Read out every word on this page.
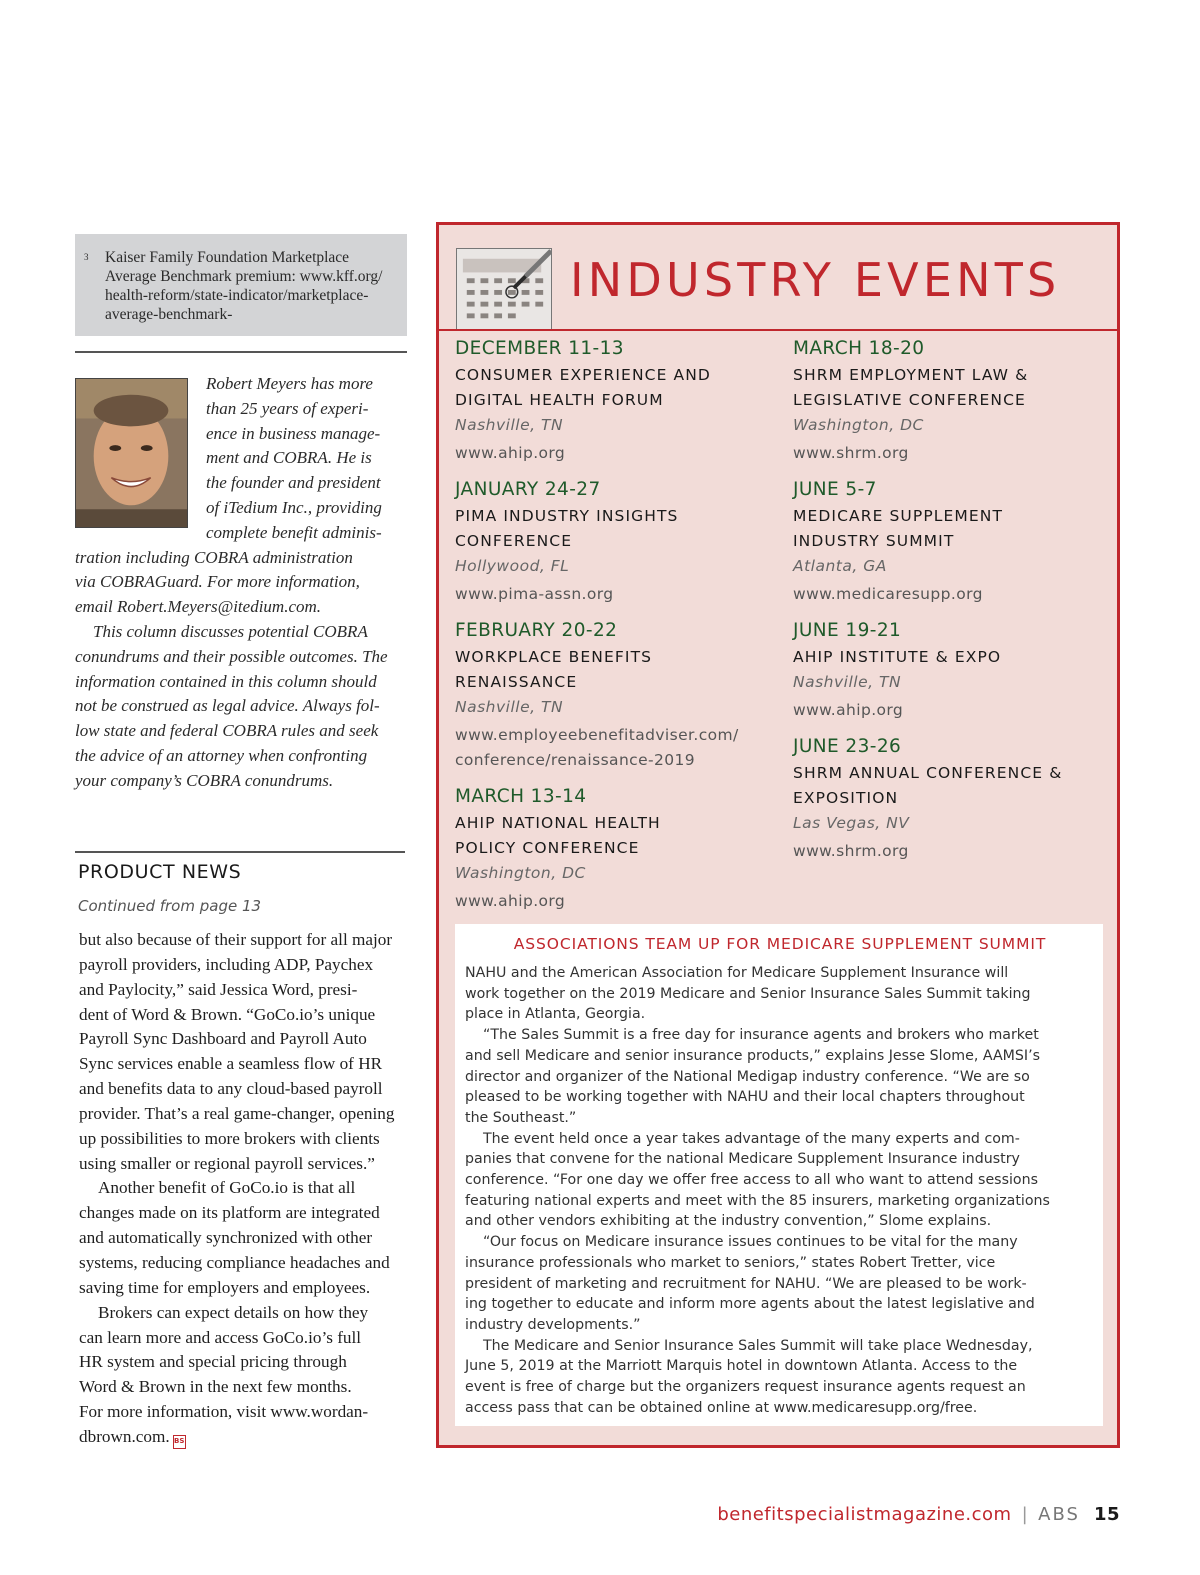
3 Kaiser Family Foundation Marketplace
Average Benchmark premium: www.kff.org/
health-reform/state-indicator/marketplace-
average-benchmark-
Robert Meyers has more
than 25 years of experi-
ence in business manage-
ment and COBRA. He is
the founder and president
of iTedium Inc., providing
complete benefit adminis-
tration including COBRA administration
via COBRAGuard. For more information,
email Robert.Meyers@itedium.com.
This column discusses potential COBRA
conundrums and their possible outcomes. The
information contained in this column should
not be construed as legal advice. Always fol-
low state and federal COBRA rules and seek
the advice of an attorney when confronting
your company’s COBRA conundrums.
PRODUCT NEWS
Continued from page 13
but also because of their support for all major
payroll providers, including ADP, Paychex
and Paylocity,” said Jessica Word, presi-
dent of Word & Brown. “GoCo.io’s unique
Payroll Sync Dashboard and Payroll Auto
Sync services enable a seamless flow of HR
and benefits data to any cloud-based payroll
provider. That’s a real game-changer, opening
up possibilities to more brokers with clients
using smaller or regional payroll services.”
Another benefit of GoCo.io is that all
changes made on its platform are integrated
and automatically synchronized with other
systems, reducing compliance headaches and
saving time for employers and employees.
Brokers can expect details on how they
can learn more and access GoCo.io’s full
HR system and special pricing through
Word & Brown in the next few months.
For more information, visit www.wordan-
dbrown.com. BS
INDUSTRY EVENTS
DECEMBER 11-13
CONSUMER EXPERIENCE AND
DIGITAL HEALTH FORUM
Nashville, TN
www.ahip.org
JANUARY 24-27
PIMA INDUSTRY INSIGHTS
CONFERENCE
Hollywood, FL
www.pima-assn.org
FEBRUARY 20-22
WORKPLACE BENEFITS
RENAISSANCE
Nashville, TN
www.employeebenefitadviser.com/
conference/renaissance-2019
MARCH 13-14
AHIP NATIONAL HEALTH
POLICY CONFERENCE
Washington, DC
www.ahip.org
MARCH 18-20
SHRM EMPLOYMENT LAW &
LEGISLATIVE CONFERENCE
Washington, DC
www.shrm.org
JUNE 5-7
MEDICARE SUPPLEMENT
INDUSTRY SUMMIT
Atlanta, GA
www.medicaresupp.org
JUNE 19-21
AHIP INSTITUTE & EXPO
Nashville, TN
www.ahip.org
JUNE 23-26
SHRM ANNUAL CONFERENCE &
EXPOSITION
Las Vegas, NV
www.shrm.org
ASSOCIATIONS TEAM UP FOR MEDICARE SUPPLEMENT SUMMIT
NAHU and the American Association for Medicare Supplement Insurance will
work together on the 2019 Medicare and Senior Insurance Sales Summit taking
place in Atlanta, Georgia.
“The Sales Summit is a free day for insurance agents and brokers who market
and sell Medicare and senior insurance products,” explains Jesse Slome, AAMSI’s
director and organizer of the National Medigap industry conference. “We are so
pleased to be working together with NAHU and their local chapters throughout
the Southeast.”
The event held once a year takes advantage of the many experts and com-
panies that convene for the national Medicare Supplement Insurance industry
conference. “For one day we offer free access to all who want to attend sessions
featuring national experts and meet with the 85 insurers, marketing organizations
and other vendors exhibiting at the industry convention,” Slome explains.
“Our focus on Medicare insurance issues continues to be vital for the many
insurance professionals who market to seniors,” states Robert Tretter, vice
president of marketing and recruitment for NAHU. “We are pleased to be work-
ing together to educate and inform more agents about the latest legislative and
industry developments.”
The Medicare and Senior Insurance Sales Summit will take place Wednesday,
June 5, 2019 at the Marriott Marquis hotel in downtown Atlanta. Access to the
event is free of charge but the organizers request insurance agents request an
access pass that can be obtained online at www.medicaresupp.org/free.
benefitspecialistmagazine.com | ABS 15
